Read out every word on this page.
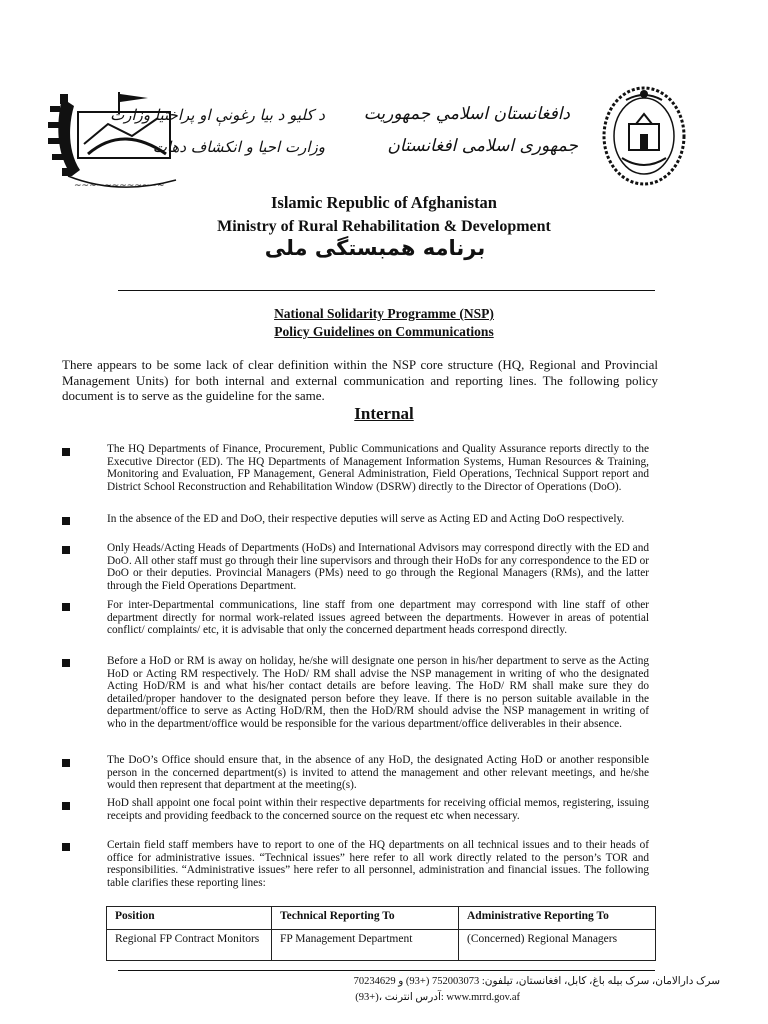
~~~~~~~~~~~~
د کلیو د بیا رغونې او پراختیا وزارت
وزارت احیا و انکشاف دهات
دافغانستان اسلامي جمهوریت
جمهوری اسلامی افغانستان
Islamic Republic of Afghanistan
Ministry of Rural Rehabilitation & Development
برنامه همبستگی ملی
National Solidarity Programme (NSP)
Policy Guidelines on Communications
There appears to be some lack of clear definition within the NSP core structure (HQ, Regional and Provincial Management Units) for both internal and external communication and reporting lines. The following policy document is to serve as the guideline for the same.
Internal
The HQ Departments of Finance, Procurement, Public Communications and Quality Assurance reports directly to the Executive Director (ED). The HQ Departments of Management Information Systems, Human Resources & Training, Monitoring and Evaluation, FP Management, General Administration, Field Operations, Technical Support report and District School Reconstruction and Rehabilitation Window (DSRW) directly to the Director of Operations (DoO).
In the absence of the ED and DoO, their respective deputies will serve as Acting ED and Acting DoO respectively.
Only Heads/Acting Heads of Departments (HoDs) and International Advisors may correspond directly with the ED and DoO. All other staff must go through their line supervisors and through their HoDs for any correspondence to the ED or DoO or their deputies. Provincial Managers (PMs) need to go through the Regional Managers (RMs), and the latter through the Field Operations Department.
For inter-Departmental communications, line staff from one department may correspond with line staff of other department directly for normal work-related issues agreed between the departments. However in areas of potential conflict/ complaints/ etc, it is advisable that only the concerned department heads correspond directly.
Before a HoD or RM is away on holiday, he/she will designate one person in his/her department to serve as the Acting HoD or Acting RM respectively. The HoD/ RM shall advise the NSP management in writing of who the designated Acting HoD/RM is and what his/her contact details are before leaving. The HoD/ RM shall make sure they do detailed/proper handover to the designated person before they leave. If there is no person suitable available in the department/office to serve as Acting HoD/RM, then the HoD/RM should advise the NSP management in writing of who in the department/office would be responsible for the various department/office deliverables in their absence.
The DoO’s Office should ensure that, in the absence of any HoD, the designated Acting HoD or another responsible person in the concerned department(s) is invited to attend the management and other relevant meetings, and he/she would then represent that department at the meeting(s).
HoD shall appoint one focal point within their respective departments for receiving official memos, registering, issuing receipts and providing feedback to the concerned source on the request etc when necessary.
Certain field staff members have to report to one of the HQ departments on all technical issues and to their heads of office for administrative issues. “Technical issues” here refer to all work directly related to the person’s TOR and responsibilities. “Administrative issues” here refer to all personnel, administration and financial issues. The following table clarifies these reporting lines:
Position	Technical Reporting To	Administrative Reporting To
Regional FP Contract Monitors	FP Management Department	(Concerned) Regional Managers
سرک دارالامان، سرک بیله باغ، کابل، افغانستان، تیلفون: 752003073 (+93) و 70234629
www.mrrd.gov.af :آدرس انترنت ،(+93)
